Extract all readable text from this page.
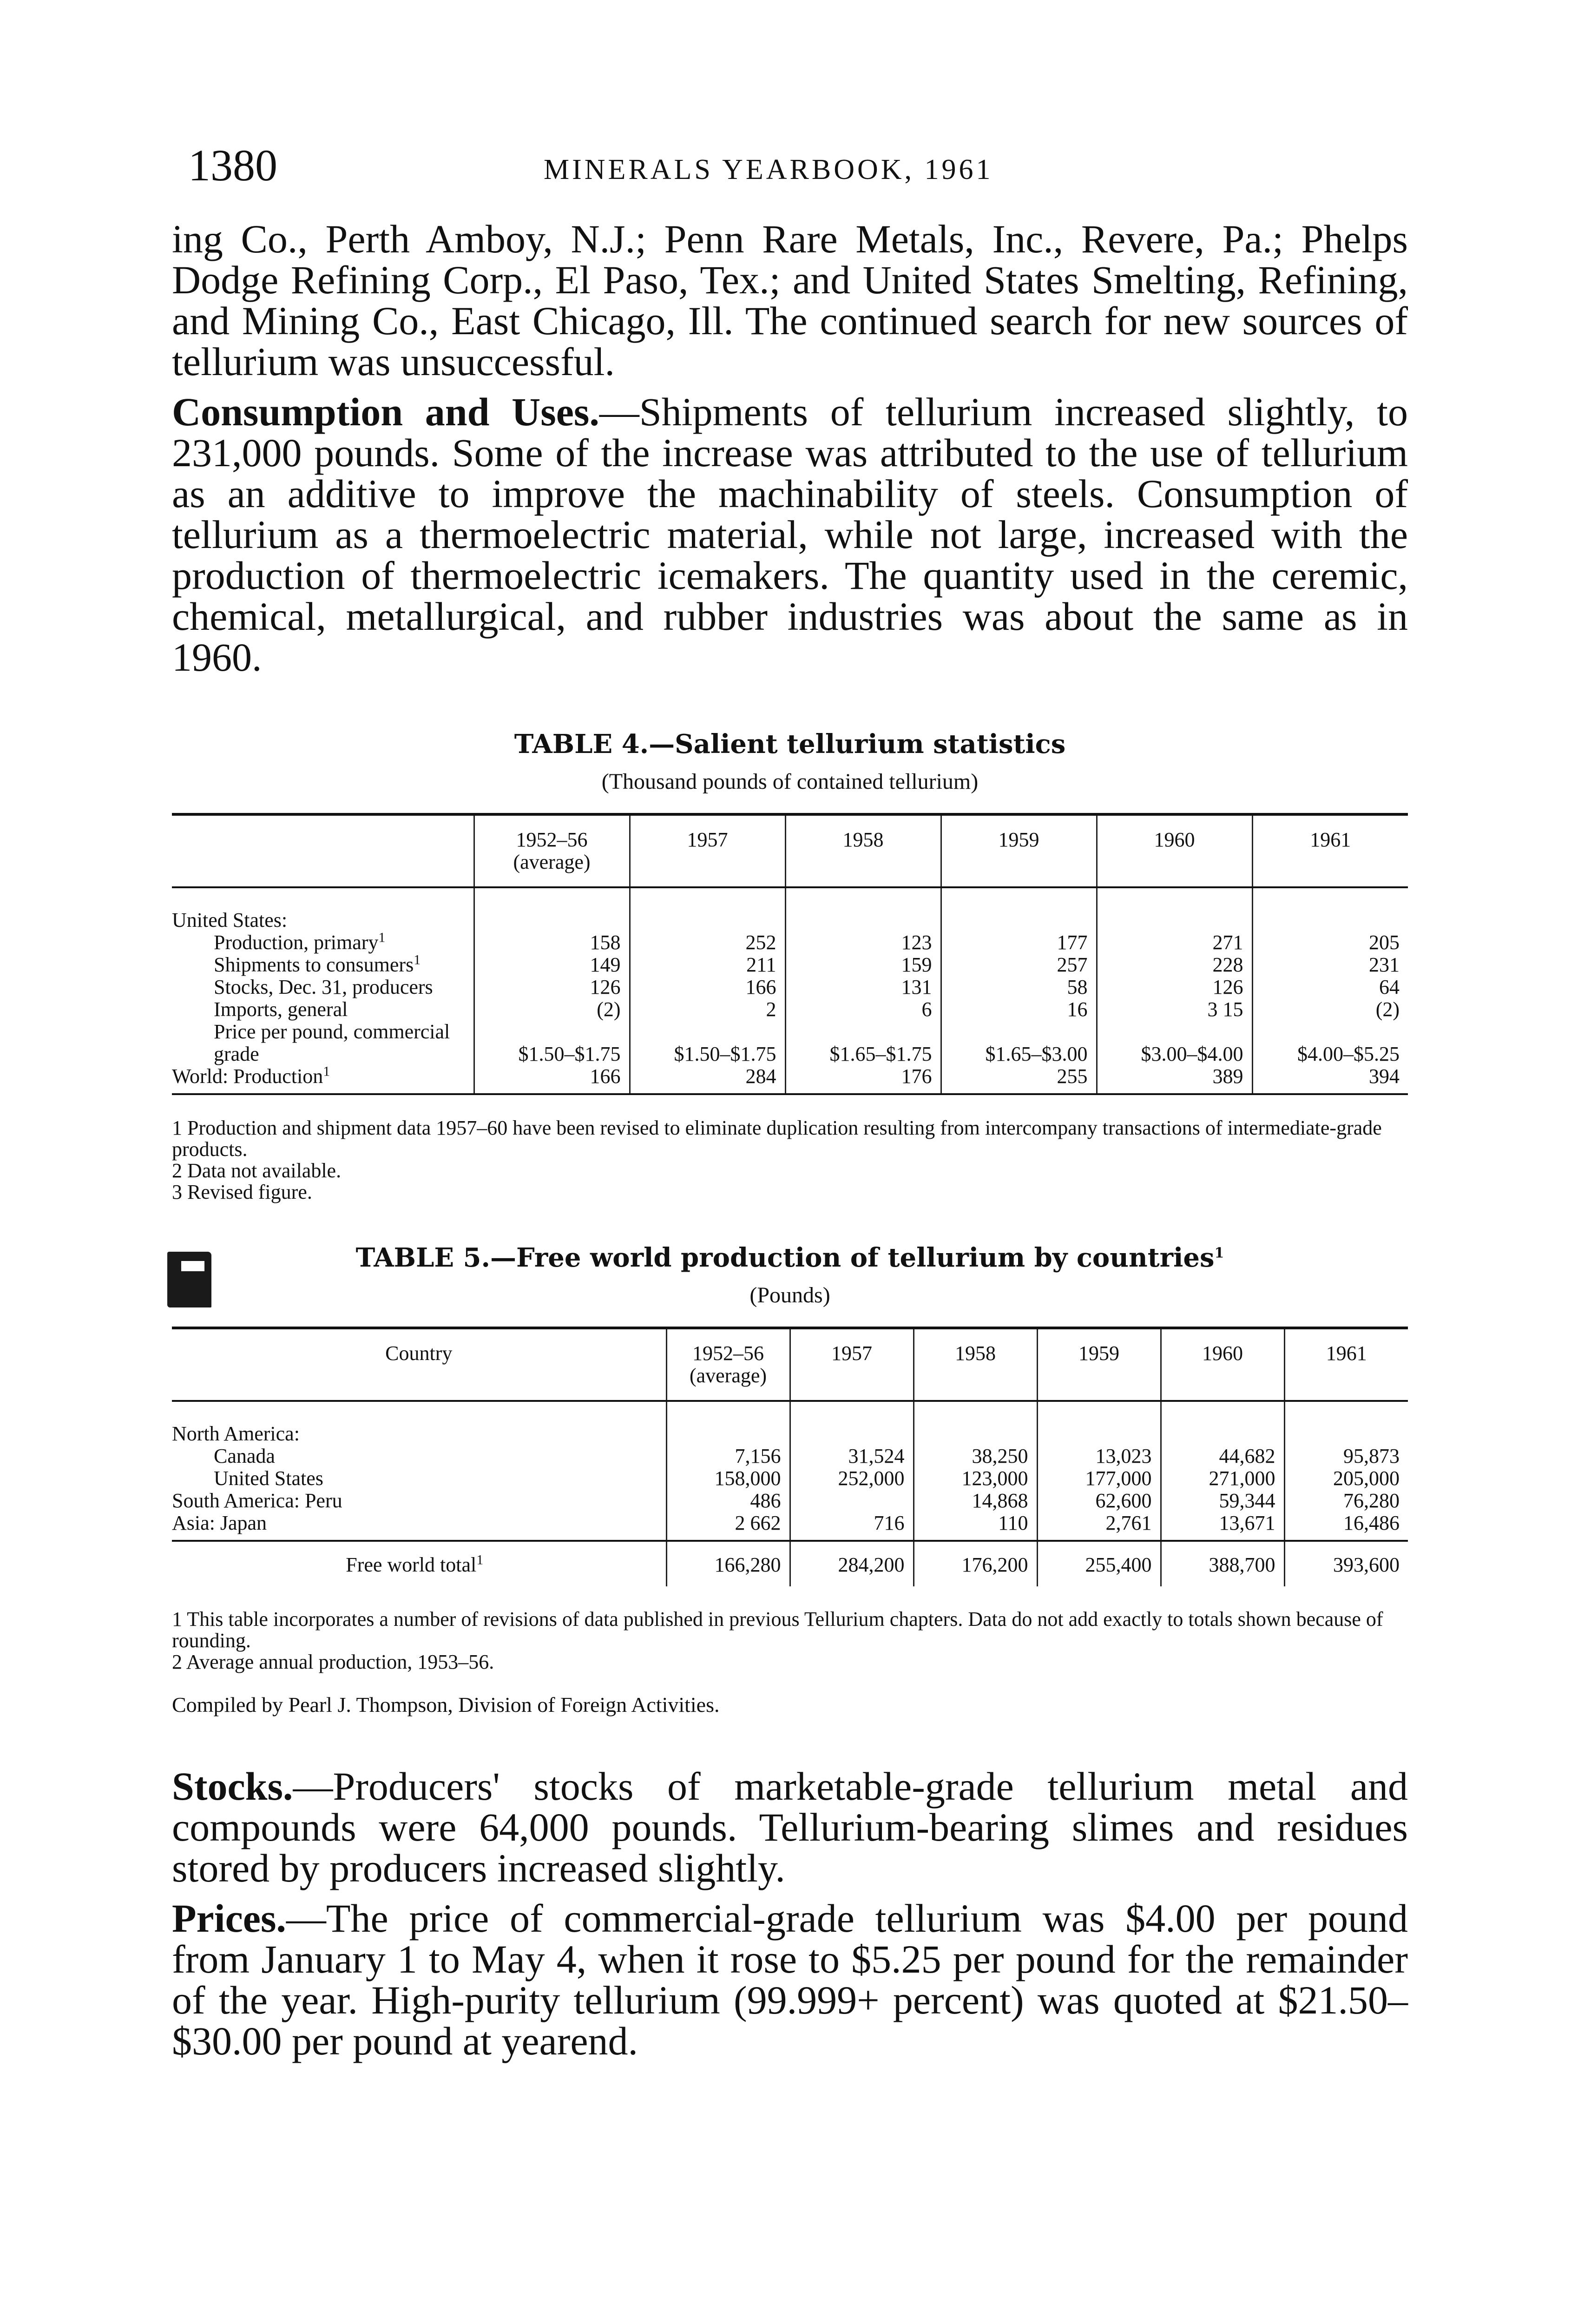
1380	MINERALS YEARBOOK, 1961

ing Co., Perth Amboy, N.J.; Penn Rare Metals, Inc., Revere, Pa.; Phelps Dodge Refining Corp., El Paso, Tex.; and United States Smelting, Refining, and Mining Co., East Chicago, Ill. The continued search for new sources of tellurium was unsuccessful.

Consumption and Uses.—Shipments of tellurium increased slightly, to 231,000 pounds. Some of the increase was attributed to the use of tellurium as an additive to improve the machinability of steels. Consumption of tellurium as a thermoelectric material, while not large, increased with the production of thermoelectric icemakers. The quantity used in the ceremic, chemical, metallurgical, and rubber industries was about the same as in 1960.

TABLE 4.—Salient tellurium statistics
(Thousand pounds of contained tellurium)
	1952–56 (average)	1957	1958	1959	1960	1961
United States:						
Production, primary$^1$	158	252	123	177	271	205
Shipments to consumers$^1$	149	211	159	257	228	231
Stocks, Dec. 31, producers	126	166	131	58	126	64
Imports, general	(2)	2	6	16	3 15	(2)
Price per pound, commercial grade	$1.50–$1.75	$1.50–$1.75	$1.65–$1.75	$1.65–$3.00	$3.00–$4.00	$4.00–$5.25
World: Production$^1$	166	284	176	255	389	394
1 Production and shipment data 1957–60 have been revised to eliminate duplication resulting from intercompany transactions of intermediate-grade products.
2 Data not available.
3 Revised figure.
TABLE 5.—Free world production of tellurium by countries$^1$
(Pounds)
Country	1952–56 (average)	1957	1958	1959	1960	1961
North America:						
Canada	7,156	31,524	38,250	13,023	44,682	95,873
United States	158,000	252,000	123,000	177,000	271,000	205,000
South America: Peru	486		14,868	62,600	59,344	76,280
Asia: Japan	2 662	716	110	2,761	13,671	16,486
Free world total$^1$	166,280	284,200	176,200	255,400	388,700	393,600
1 This table incorporates a number of revisions of data published in previous Tellurium chapters. Data do not add exactly to totals shown because of rounding.
2 Average annual production, 1953–56.
Compiled by Pearl J. Thompson, Division of Foreign Activities.

Stocks.—Producers' stocks of marketable-grade tellurium metal and compounds were 64,000 pounds. Tellurium-bearing slimes and residues stored by producers increased slightly.

Prices.—The price of commercial-grade tellurium was $4.00 per pound from January 1 to May 4, when it rose to $5.25 per pound for the remainder of the year. High-purity tellurium (99.999+ percent) was quoted at $21.50–$30.00 per pound at yearend.
